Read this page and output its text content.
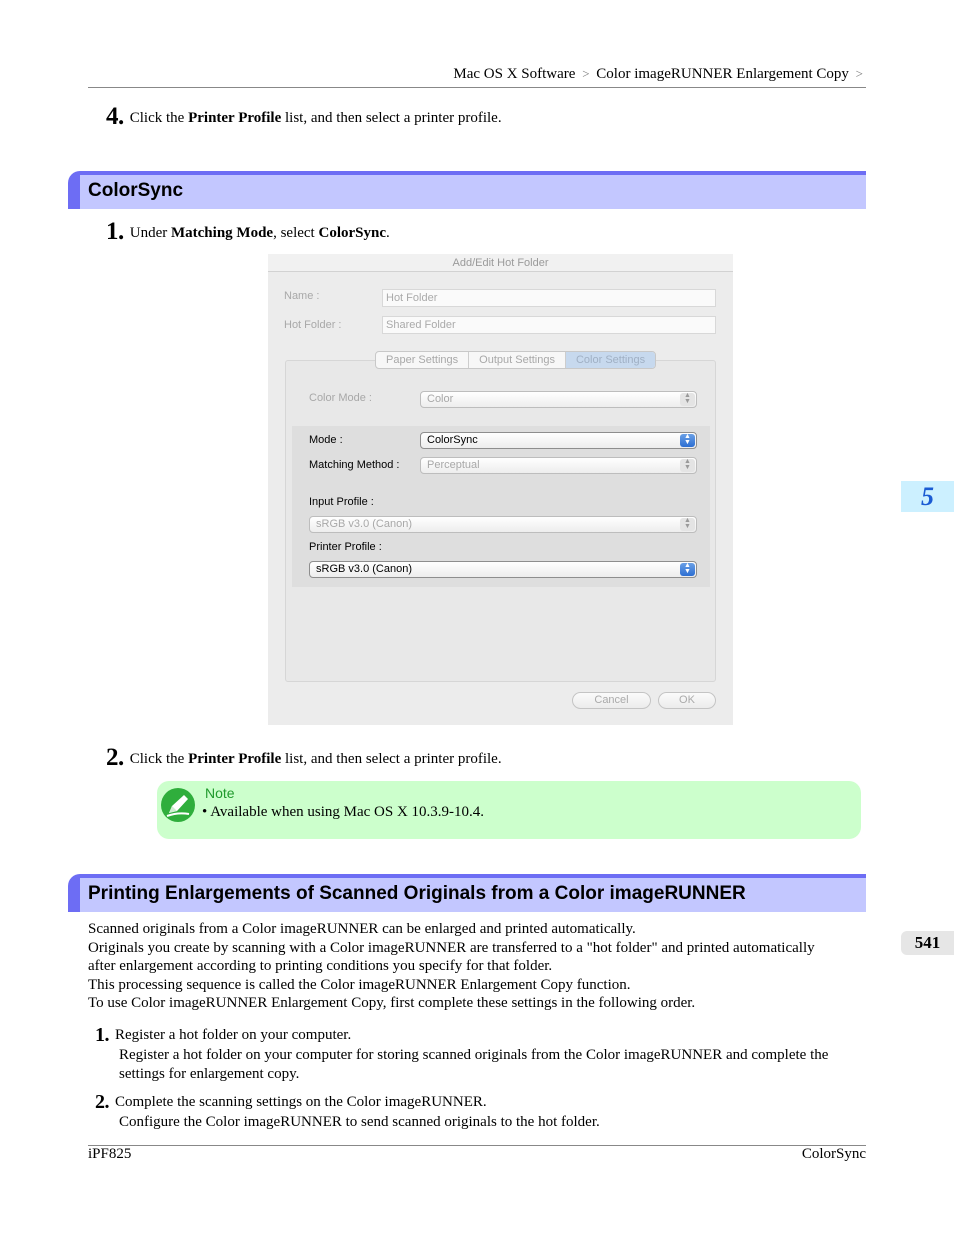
Mac OS X Software > Color imageRUNNER Enlargement Copy >
4. Click the Printer Profile list, and then select a printer profile.
ColorSync
1. Under Matching Mode, select ColorSync.
Add/Edit Hot Folder
Name :	Hot Folder
Hot Folder :	Shared Folder
Paper Settings	Output Settings	Color Settings
Color Mode :	Color	▲
▼
Mode :	ColorSync	▲
▼
Matching Method :	Perceptual	▲
▼
Input Profile :
sRGB v3.0 (Canon)	▲
▼
Printer Profile :
sRGB v3.0 (Canon)	▲
▼
Cancel	OK
2. Click the Printer Profile list, and then select a printer profile.
Note
• Available when using Mac OS X 10.3.9-10.4.
Printing Enlargements of Scanned Originals from a Color imageRUNNER
Scanned originals from a Color imageRUNNER can be enlarged and printed automatically.
Originals you create by scanning with a Color imageRUNNER are transferred to a "hot folder" and printed automatically
after enlargement according to printing conditions you specify for that folder.
This processing sequence is called the Color imageRUNNER Enlargement Copy function.
To use Color imageRUNNER Enlargement Copy, first complete these settings in the following order.
1. Register a hot folder on your computer.
Register a hot folder on your computer for storing scanned originals from the Color imageRUNNER and complete the
settings for enlargement copy.
2. Complete the scanning settings on the Color imageRUNNER.
Configure the Color imageRUNNER to send scanned originals to the hot folder.
5
541
iPF825	ColorSync
